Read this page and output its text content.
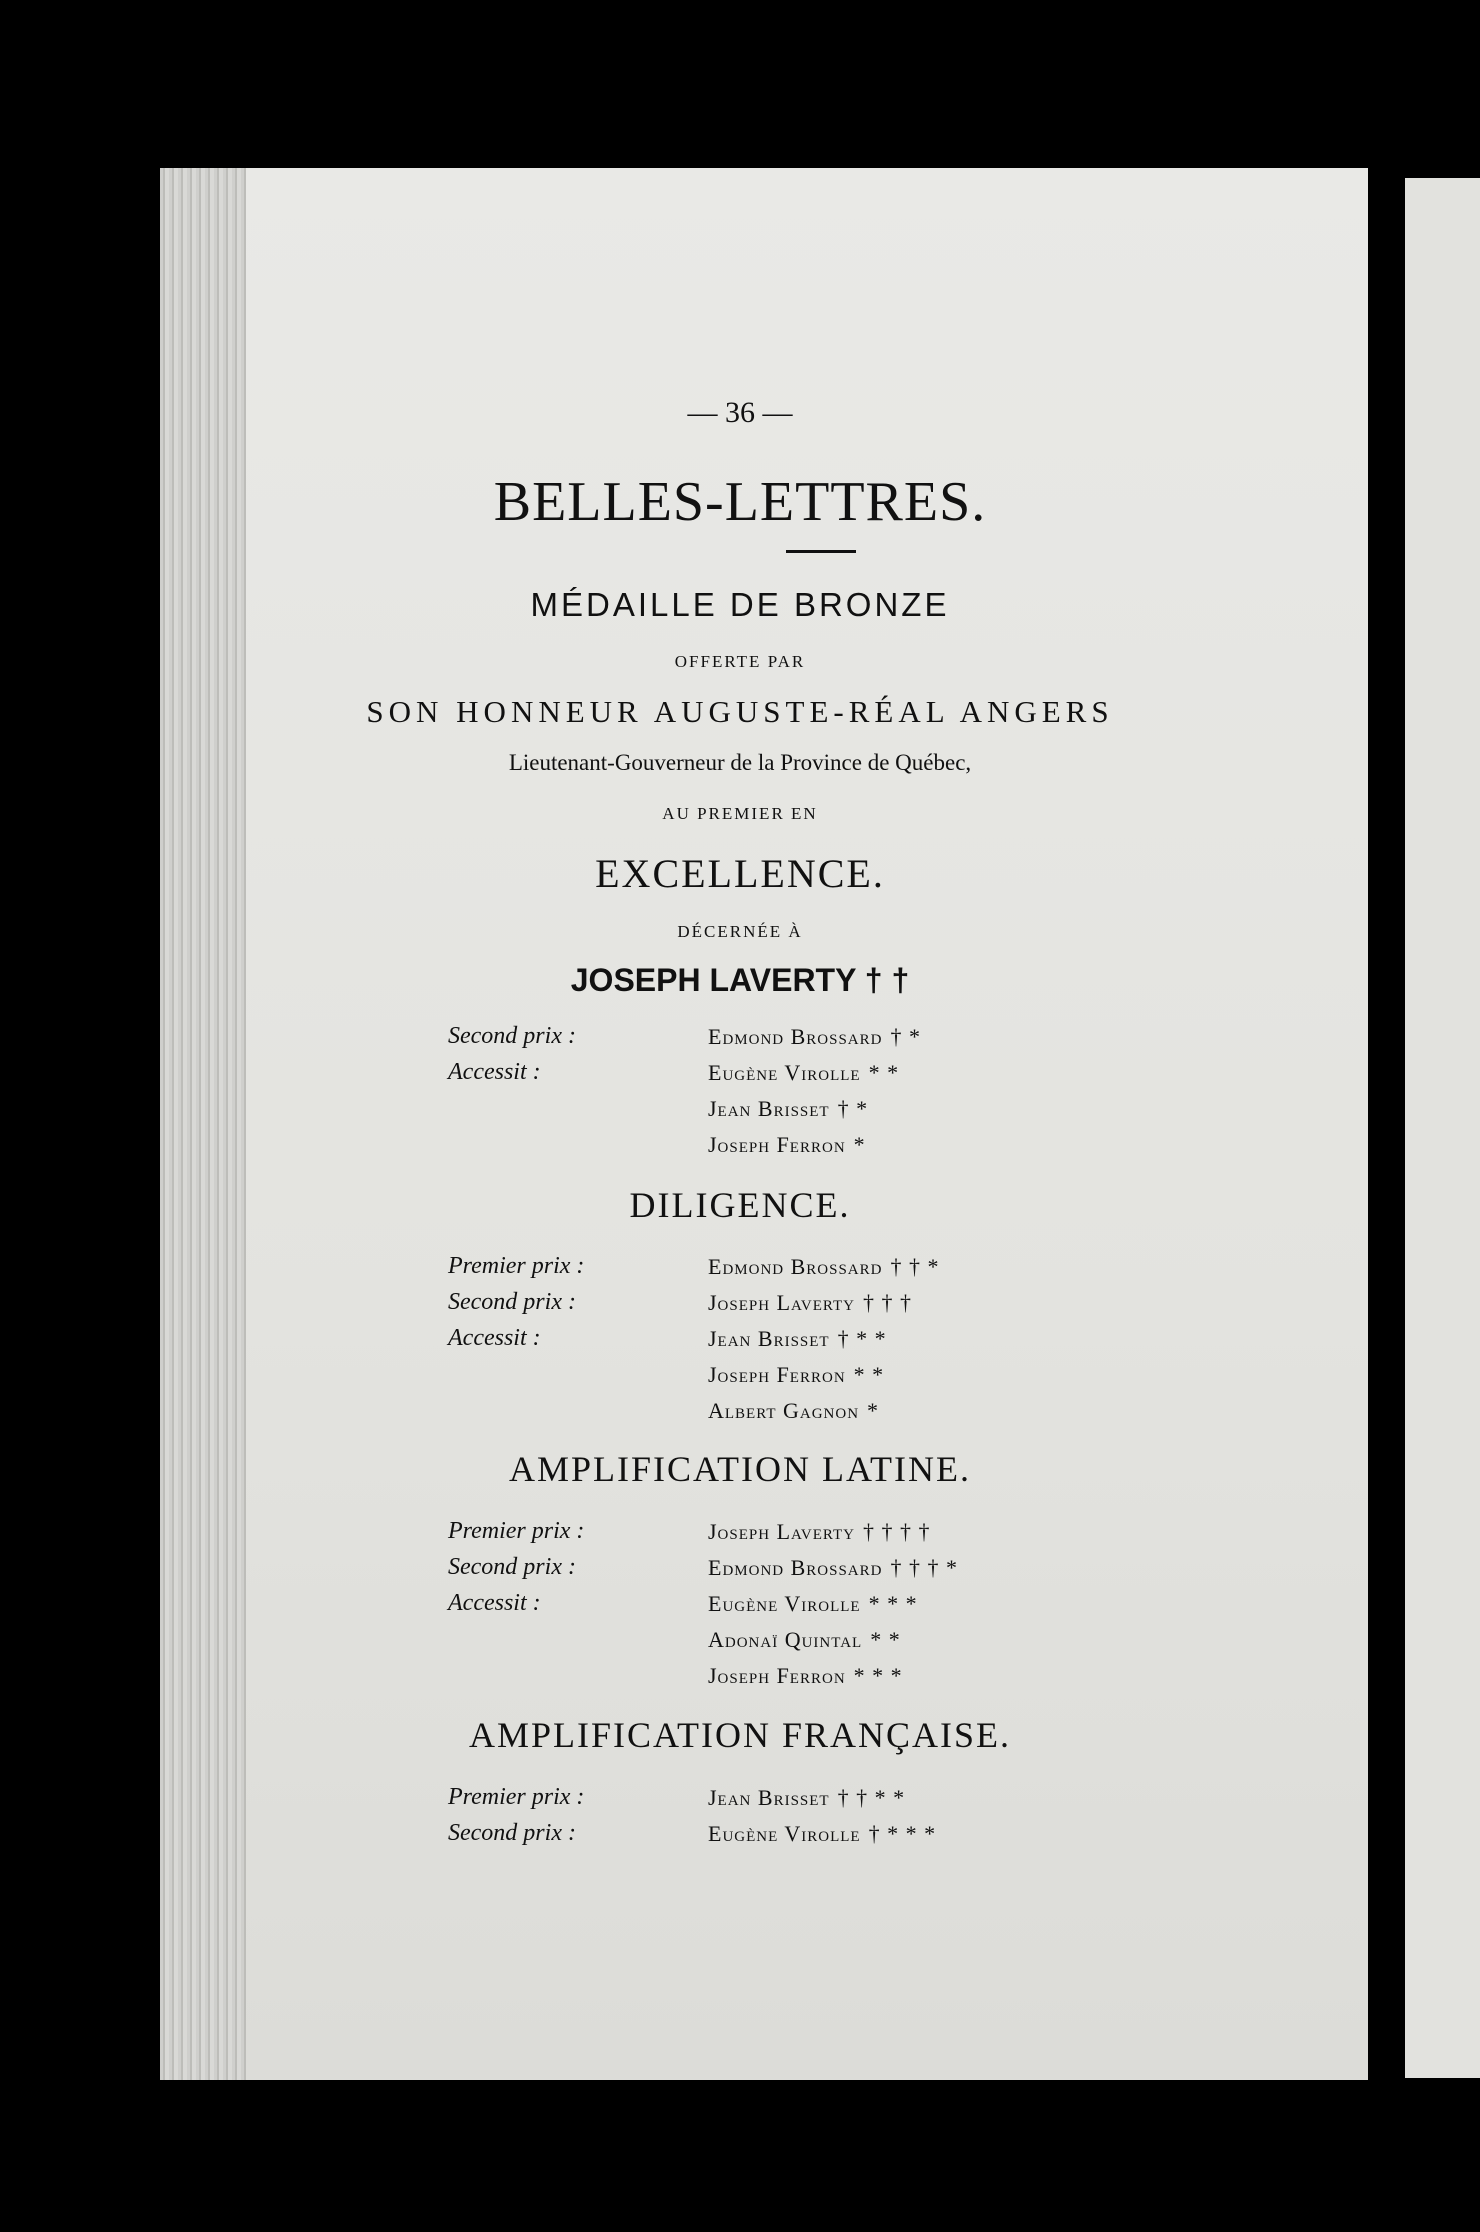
— 36 —
BELLES-LETTRES.
MÉDAILLE DE BRONZE
OFFERTE PAR
SON HONNEUR AUGUSTE-RÉAL ANGERS
Lieutenant-Gouverneur de la Province de Québec,
AU PREMIER EN
EXCELLENCE.
DÉCERNÉE À
JOSEPH LAVERTY † †
Second prix :	Edmond Brossard † *
Accessit :	Eugène Virolle * *
Jean Brisset † *
Joseph Ferron *
DILIGENCE.
Premier prix :	Edmond Brossard † † *
Second prix :	Joseph Laverty † † †
Accessit :	Jean Brisset † * *
Joseph Ferron * *
Albert Gagnon *
AMPLIFICATION LATINE.
Premier prix :	Joseph Laverty † † † †
Second prix :	Edmond Brossard † † † *
Accessit :	Eugène Virolle * * *
Adonaï Quintal * *
Joseph Ferron * * *
AMPLIFICATION FRANÇAISE.
Premier prix :	Jean Brisset † † * *
Second prix :	Eugène Virolle † * * *
